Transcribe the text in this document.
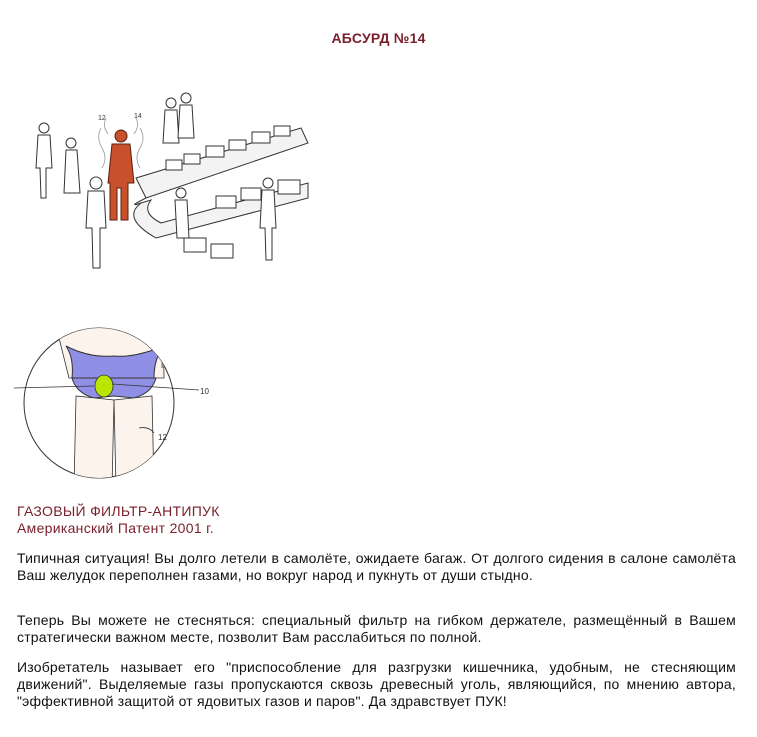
АБСУРД №14
12	14
10
12
ГАЗОВЫЙ ФИЛЬТР-АНТИПУК
Американский Патент 2001 г.

Типичная ситуация! Вы долго летели в самолёте, ожидаете багаж. От долгого сидения в салоне самолёта Ваш желудок переполнен газами, но вокруг народ и пукнуть от души стыдно.

Теперь Вы можете не стесняться: специальный фильтр на гибком держателе, размещённый в Вашем стратегически важном месте, позволит Вам расслабиться по полной.

Изобретатель называет его "приспособление для разгрузки кишечника, удобным, не стесняющим движений". Выделяемые газы пропускаются сквозь древесный уголь, являющийся, по мнению автора, "эффективной защитой от ядовитых газов и паров". Да здравствует ПУК!
